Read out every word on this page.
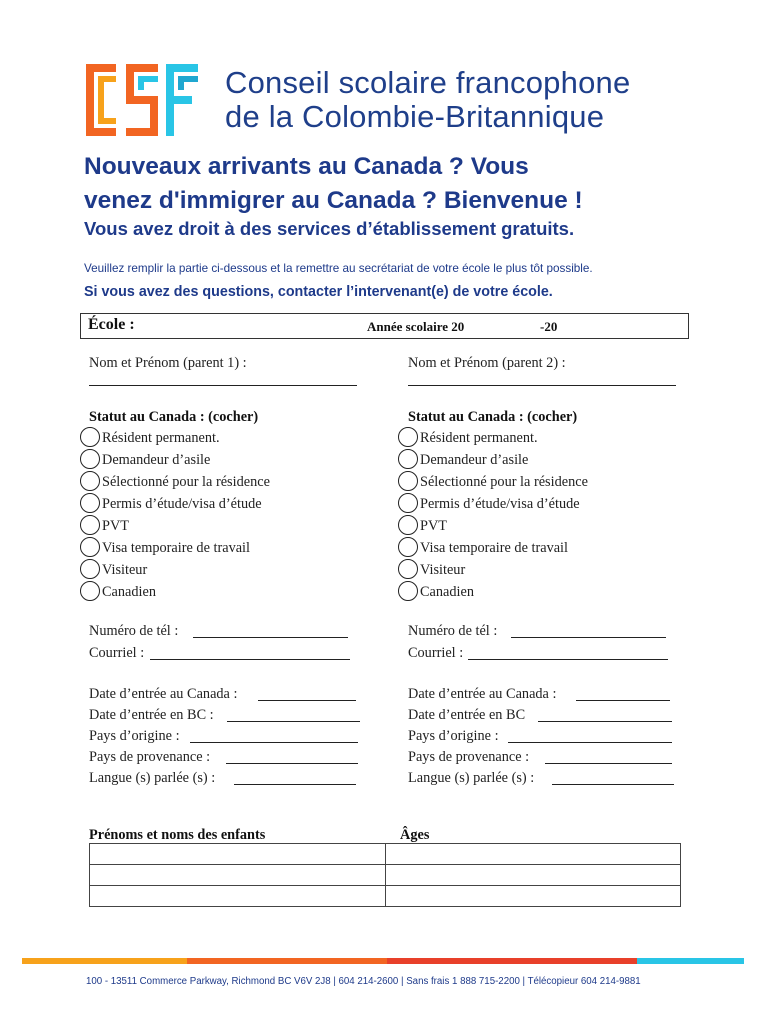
Conseil scolaire francophone
de la Colombie-Britannique
Nouveaux arrivants au Canada ? Vous
venez d'immigrer au Canada ? Bienvenue !
Vous avez droit à des services d’établissement gratuits.
Veuillez remplir la partie ci-dessous et la remettre au secrétariat de votre école le plus tôt possible.
Si vous avez des questions, contacter l’intervenant(e) de votre école.
École :	Année scolaire 20	-20
Nom et Prénom (parent 1) :
Statut au Canada : (cocher)
Résident permanent.
Demandeur d’asile
Sélectionné pour la résidence
Permis d’étude/visa d’étude
PVT
Visa temporaire de travail
Visiteur
Canadien
Nom et Prénom (parent 2) :
Statut au Canada : (cocher)
Résident permanent.
Demandeur d’asile
Sélectionné pour la résidence
Permis d’étude/visa d’étude
PVT
Visa temporaire de travail
Visiteur
Canadien
Numéro de tél :
Courriel :
Date d’entrée au Canada :
Date d’entrée en BC :
Pays d’origine :
Pays de provenance :
Langue (s) parlée (s) :
Numéro de tél :
Courriel :
Date d’entrée au Canada :
Date d’entrée en BC
Pays d’origine :
Pays de provenance :
Langue (s) parlée (s) :
Prénoms et noms des enfants	Âges

100 - 13511 Commerce Parkway, Richmond BC V6V 2J8 | 604 214-2600 | Sans frais 1 888 715-2200 | Télécopieur 604 214-9881
